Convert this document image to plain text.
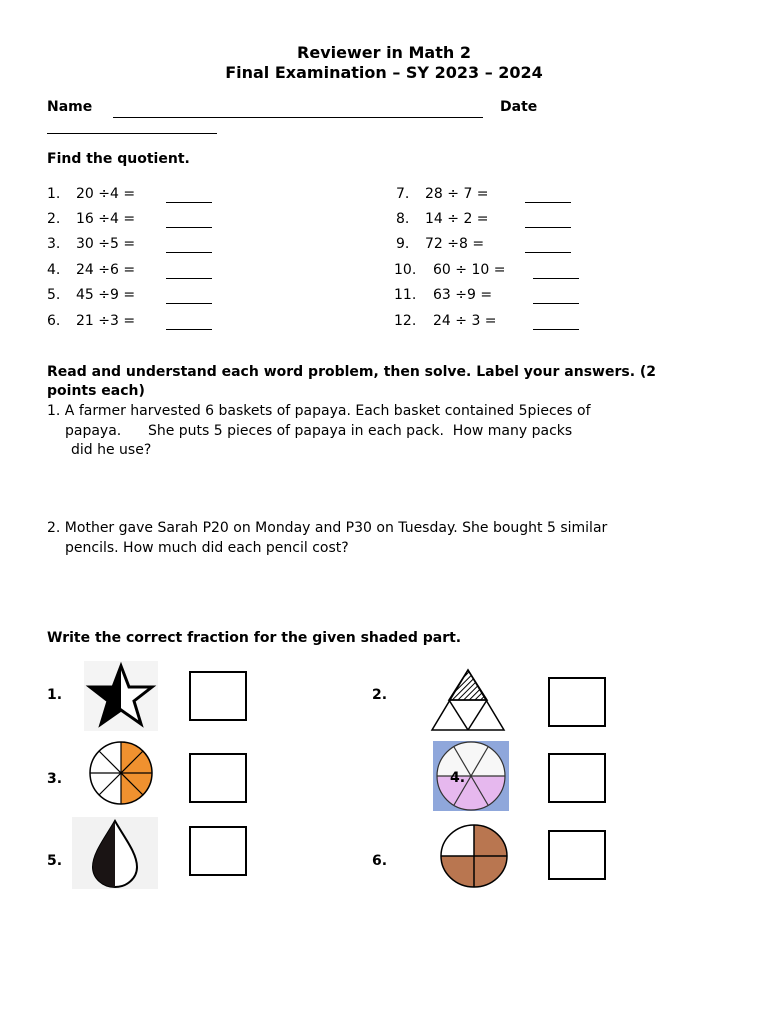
Reviewer in Math 2
Final Examination – SY 2023 – 2024
Name	Date
Find the quotient.
1. 20 ÷4 =
2. 16 ÷4 =
3. 30 ÷5 =
4. 24 ÷6 =
5. 45 ÷9 =
6. 21 ÷3 =
7. 28 ÷ 7 =
8. 14 ÷ 2 =
9. 72 ÷8 =
10. 60 ÷ 10 =
11. 63 ÷9 =
12. 24 ÷ 3 =
Read and understand each word problem, then solve. Label your answers. (2
points each)
1. A farmer harvested 6 baskets of papaya. Each basket contained 5pieces of
papaya.      She puts 5 pieces of papaya in each pack.  How many packs
did he use?
2. Mother gave Sarah P20 on Monday and P30 on Tuesday. She bought 5 similar
pencils. How much did each pencil cost?
Write the correct fraction for the given shaded part.
1.	2.
3.	4.
5.	6.
